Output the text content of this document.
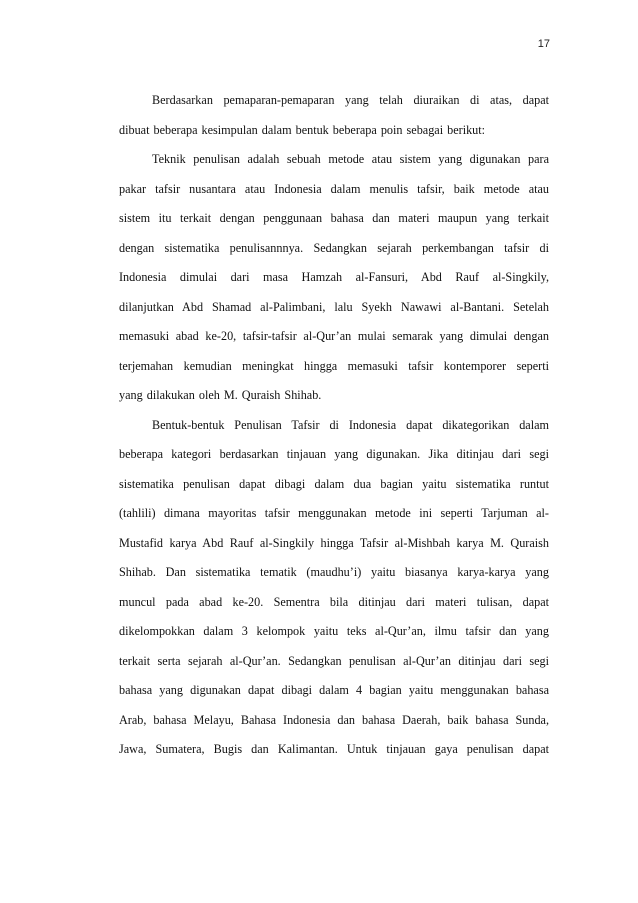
17

Berdasarkan pemaparan-pemaparan yang telah diuraikan di atas, dapat
dibuat beberapa kesimpulan dalam bentuk beberapa poin sebagai berikut:

Teknik penulisan adalah sebuah metode atau sistem yang digunakan para
pakar tafsir nusantara atau Indonesia dalam menulis tafsir, baik metode atau
sistem itu terkait dengan penggunaan bahasa dan materi maupun yang terkait
dengan sistematika penulisannnya. Sedangkan sejarah perkembangan tafsir di
Indonesia dimulai dari masa Hamzah al-Fansuri, Abd Rauf al-Singkily,
dilanjutkan Abd Shamad al-Palimbani, lalu Syekh Nawawi al-Bantani. Setelah
memasuki abad ke-20, tafsir-tafsir al-Qur’an mulai semarak yang dimulai dengan
terjemahan kemudian meningkat hingga memasuki tafsir kontemporer seperti
yang dilakukan oleh M. Quraish Shihab.

Bentuk-bentuk Penulisan Tafsir di Indonesia dapat dikategorikan dalam
beberapa kategori berdasarkan tinjauan yang digunakan. Jika ditinjau dari segi
sistematika penulisan dapat dibagi dalam dua bagian yaitu sistematika runtut
(tahlili) dimana mayoritas tafsir menggunakan metode ini seperti Tarjuman al-
Mustafid karya Abd Rauf al-Singkily hingga Tafsir al-Mishbah karya M. Quraish
Shihab. Dan sistematika tematik (maudhu’i) yaitu biasanya karya-karya yang
muncul pada abad ke-20. Sementra bila ditinjau dari materi tulisan, dapat
dikelompokkan dalam 3 kelompok yaitu teks al-Qur’an, ilmu tafsir dan yang
terkait serta sejarah al-Qur’an. Sedangkan penulisan al-Qur’an ditinjau dari segi
bahasa yang digunakan dapat dibagi dalam 4 bagian yaitu menggunakan bahasa
Arab, bahasa Melayu, Bahasa Indonesia dan bahasa Daerah, baik bahasa Sunda,
Jawa, Sumatera, Bugis dan Kalimantan. Untuk tinjauan gaya penulisan dapat
